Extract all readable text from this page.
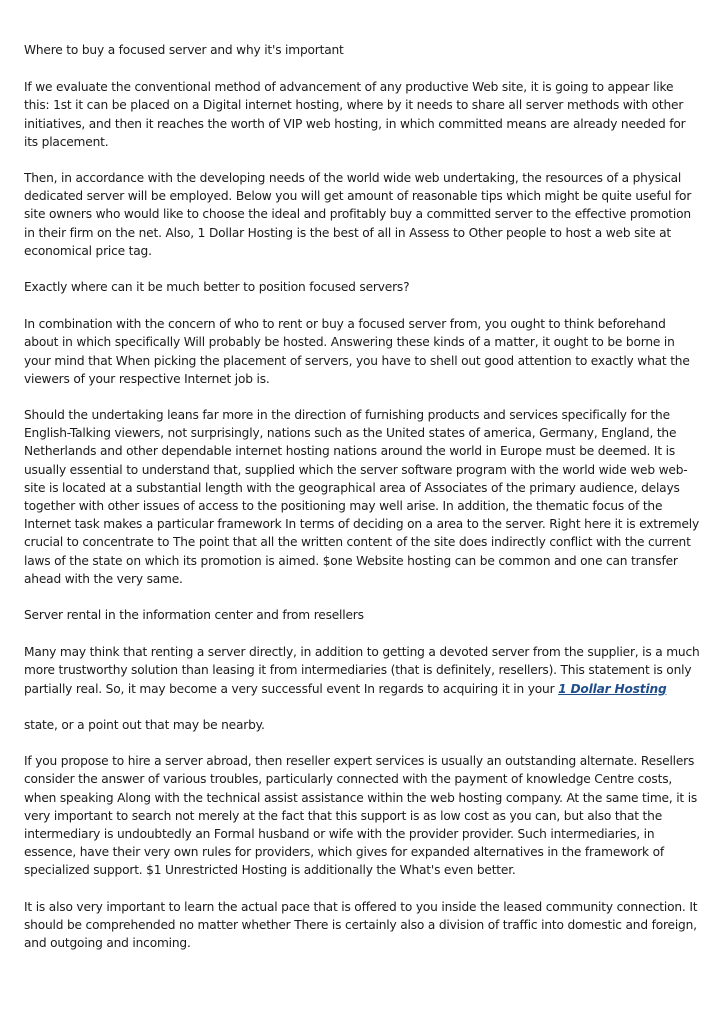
Where to buy a focused server and why it's important

If we evaluate the conventional method of advancement of any productive Web site, it is going to appear like this: 1st it can be placed on a Digital internet hosting, where by it needs to share all server methods with other initiatives, and then it reaches the worth of VIP web hosting, in which committed means are already needed for its placement.

Then, in accordance with the developing needs of the world wide web undertaking, the resources of a physical dedicated server will be employed. Below you will get amount of reasonable tips which might be quite useful for site owners who would like to choose the ideal and profitably buy a committed server to the effective promotion in their firm on the net. Also, 1 Dollar Hosting is the best of all in Assess to Other people to host a web site at economical price tag.

Exactly where can it be much better to position focused servers?

In combination with the concern of who to rent or buy a focused server from, you ought to think beforehand about in which specifically Will probably be hosted. Answering these kinds of a matter, it ought to be borne in your mind that When picking the placement of servers, you have to shell out good attention to exactly what the viewers of your respective Internet job is.

Should the undertaking leans far more in the direction of furnishing products and services specifically for the English-Talking viewers, not surprisingly, nations such as the United states of america, Germany, England, the Netherlands and other dependable internet hosting nations around the world in Europe must be deemed. It is usually essential to understand that, supplied which the server software program with the world wide web web-site is located at a substantial length with the geographical area of Associates of the primary audience, delays together with other issues of access to the positioning may well arise. In addition, the thematic focus of the Internet task makes a particular framework In terms of deciding on a area to the server. Right here it is extremely crucial to concentrate to The point that all the written content of the site does indirectly conflict with the current laws of the state on which its promotion is aimed. $one Website hosting can be common and one can transfer ahead with the very same.

Server rental in the information center and from resellers

Many may think that renting a server directly, in addition to getting a devoted server from the supplier, is a much more trustworthy solution than leasing it from intermediaries (that is definitely, resellers). This statement is only partially real. So, it may become a very successful event In regards to acquiring it in your 1 Dollar Hosting

state, or a point out that may be nearby.

If you propose to hire a server abroad, then reseller expert services is usually an outstanding alternate. Resellers consider the answer of various troubles, particularly connected with the payment of knowledge Centre costs, when speaking Along with the technical assist assistance within the web hosting company. At the same time, it is very important to search not merely at the fact that this support is as low cost as you can, but also that the intermediary is undoubtedly an Formal husband or wife with the provider provider. Such intermediaries, in essence, have their very own rules for providers, which gives for expanded alternatives in the framework of specialized support. $1 Unrestricted Hosting is additionally the What's even better.

It is also very important to learn the actual pace that is offered to you inside the leased community connection. It should be comprehended no matter whether There is certainly also a division of traffic into domestic and foreign, and outgoing and incoming.
